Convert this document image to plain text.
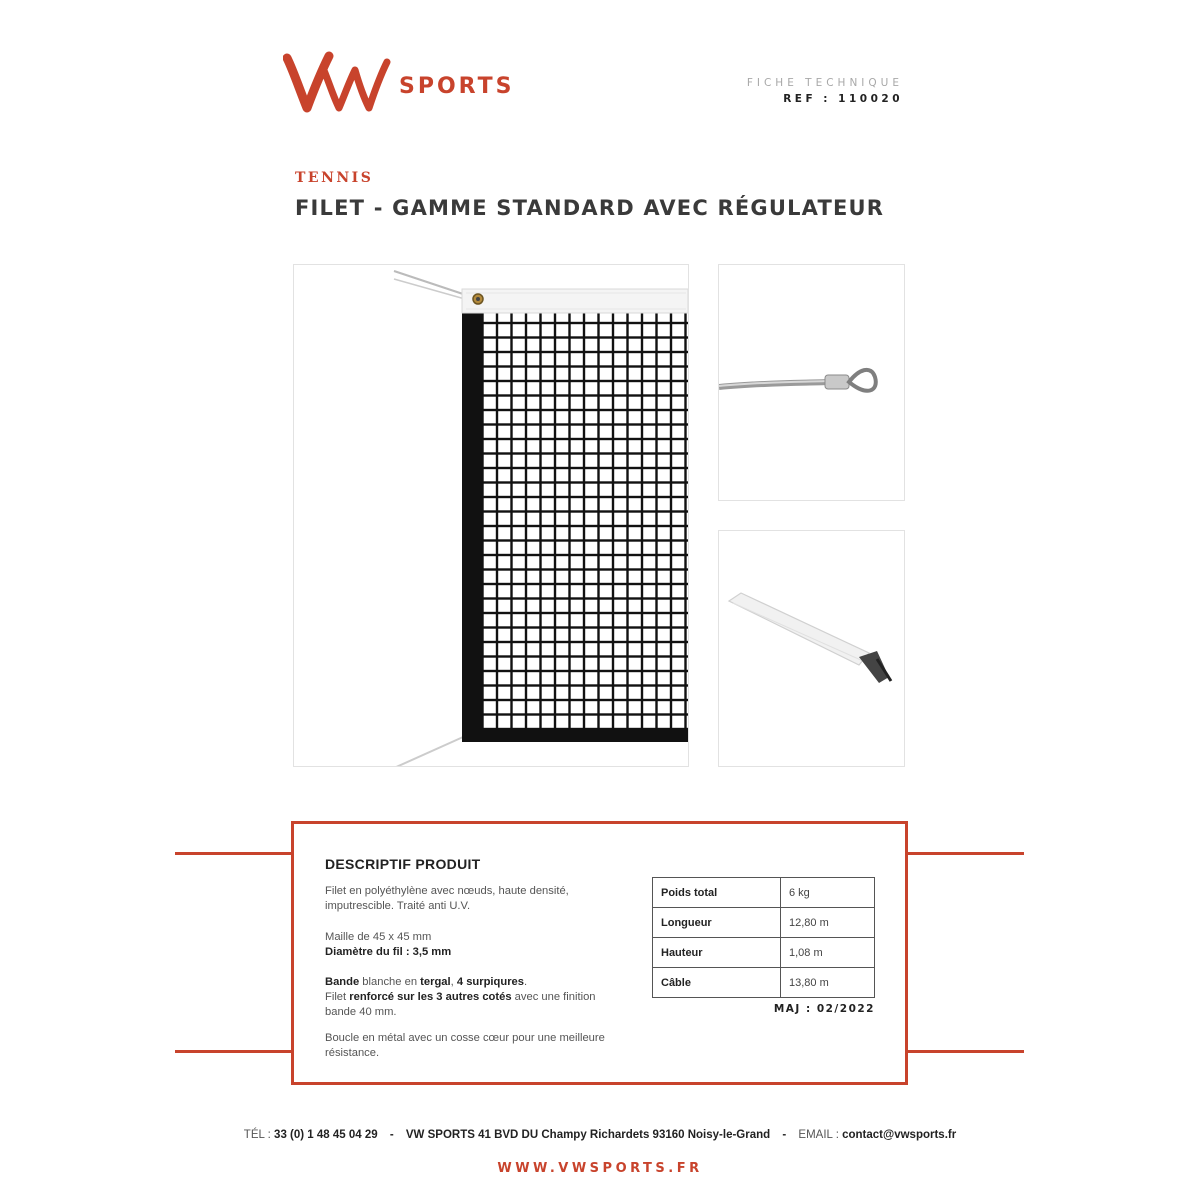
SPORTS	FICHE TECHNIQUE
REF : 110020
TENNIS
FILET - GAMME STANDARD AVEC RÉGULATEUR
DESCRIPTIF PRODUIT
Filet en polyéthylène avec nœuds, haute densité, imputrescible. Traité anti U.V.
Maille de 45 x 45 mm
Diamètre du fil : 3,5 mm
Bande blanche en tergal, 4 surpiqures.
Filet renforcé sur les 3 autres cotés avec une finition bande 40 mm.
Boucle en métal avec un cosse cœur pour une meilleure résistance.
Poids total	6 kg
Longueur	12,80 m
Hauteur	1,08 m
Câble	13,80 m
MAJ : 02/2022
TÉL : 33 (0) 1 48 45 04 29 - VW SPORTS 41 BVD DU Champy Richardets 93160 Noisy-le-Grand - EMAIL : contact@vwsports.fr
WWW.VWSPORTS.FR
